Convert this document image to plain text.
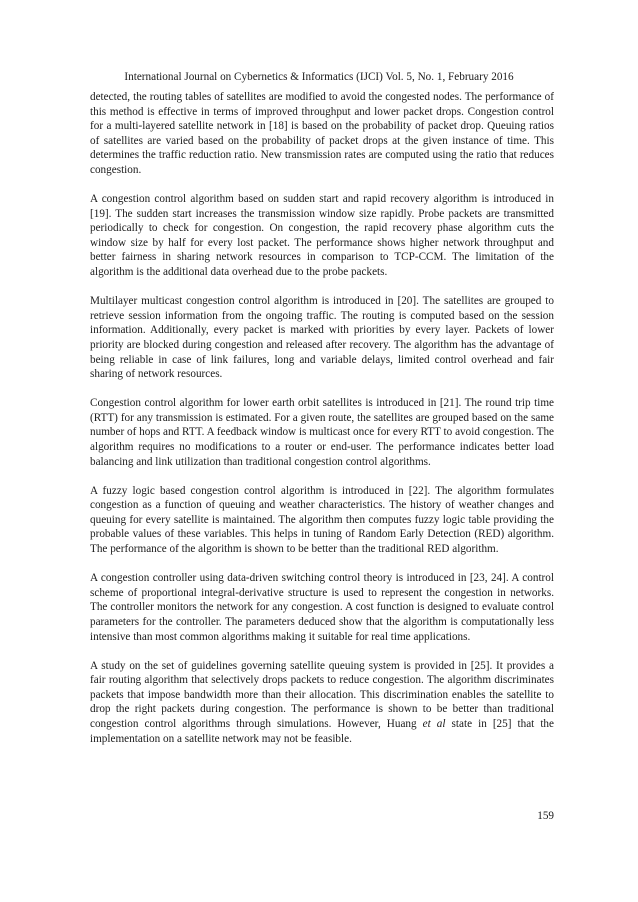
International Journal on Cybernetics & Informatics (IJCI) Vol. 5, No. 1, February 2016

detected, the routing tables of satellites are modified to avoid the congested nodes. The performance of this method is effective in terms of improved throughput and lower packet drops. Congestion control for a multi-layered satellite network in [18] is based on the probability of packet drop. Queuing ratios of satellites are varied based on the probability of packet drops at the given instance of time. This determines the traffic reduction ratio. New transmission rates are computed using the ratio that reduces congestion.

A congestion control algorithm based on sudden start and rapid recovery algorithm is introduced in [19]. The sudden start increases the transmission window size rapidly. Probe packets are transmitted periodically to check for congestion. On congestion, the rapid recovery phase algorithm cuts the window size by half for every lost packet. The performance shows higher network throughput and better fairness in sharing network resources in comparison to TCP-CCM. The limitation of the algorithm is the additional data overhead due to the probe packets.

Multilayer multicast congestion control algorithm is introduced in [20]. The satellites are grouped to retrieve session information from the ongoing traffic. The routing is computed based on the session information. Additionally, every packet is marked with priorities by every layer. Packets of lower priority are blocked during congestion and released after recovery. The algorithm has the advantage of being reliable in case of link failures, long and variable delays, limited control overhead and fair sharing of network resources.

Congestion control algorithm for lower earth orbit satellites is introduced in [21]. The round trip time (RTT) for any transmission is estimated. For a given route, the satellites are grouped based on the same number of hops and RTT. A feedback window is multicast once for every RTT to avoid congestion. The algorithm requires no modifications to a router or end-user. The performance indicates better load balancing and link utilization than traditional congestion control algorithms.

A fuzzy logic based congestion control algorithm is introduced in [22]. The algorithm formulates congestion as a function of queuing and weather characteristics. The history of weather changes and queuing for every satellite is maintained. The algorithm then computes fuzzy logic table providing the probable values of these variables. This helps in tuning of Random Early Detection (RED) algorithm. The performance of the algorithm is shown to be better than the traditional RED algorithm.

A congestion controller using data-driven switching control theory is introduced in [23, 24]. A control scheme of proportional integral-derivative structure is used to represent the congestion in networks. The controller monitors the network for any congestion. A cost function is designed to evaluate control parameters for the controller. The parameters deduced show that the algorithm is computationally less intensive than most common algorithms making it suitable for real time applications.

A study on the set of guidelines governing satellite queuing system is provided in [25]. It provides a fair routing algorithm that selectively drops packets to reduce congestion. The algorithm discriminates packets that impose bandwidth more than their allocation. This discrimination enables the satellite to drop the right packets during congestion. The performance is shown to be better than traditional congestion control algorithms through simulations. However, Huang et al state in [25] that the implementation on a satellite network may not be feasible.

159
